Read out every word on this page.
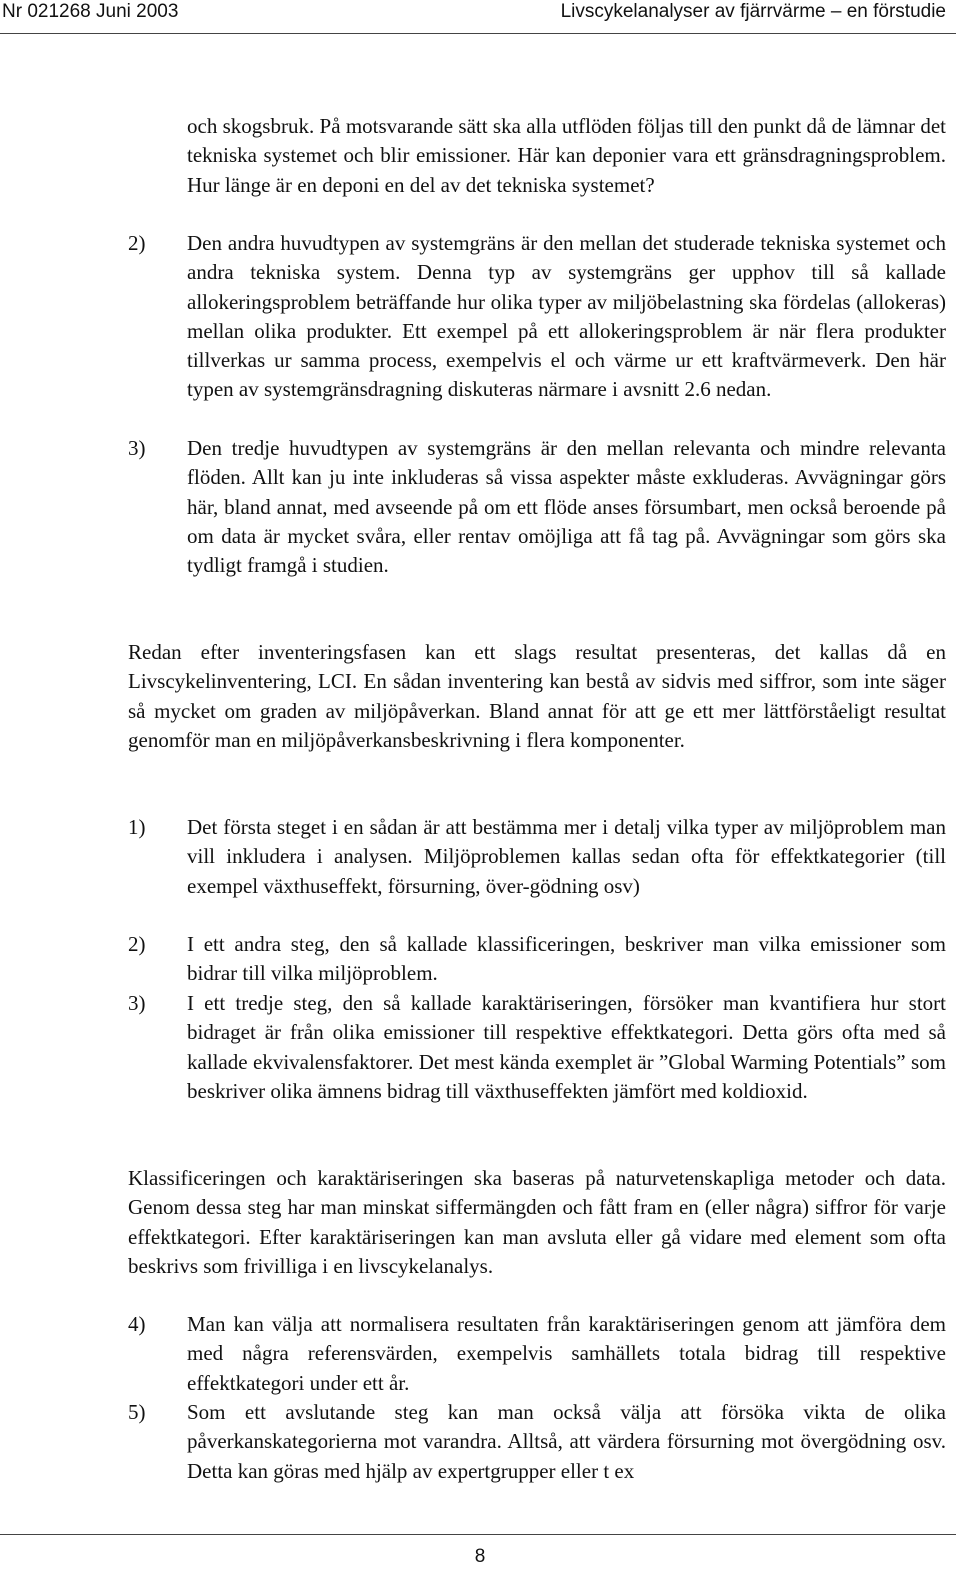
Nr 021268 Juni 2003	Livscykelanalyser av fjärrvärme – en förstudie
och skogsbruk. På motsvarande sätt ska alla utflöden följas till den punkt då de lämnar det tekniska systemet och blir emissioner. Här kan deponier vara ett gränsdragningsproblem. Hur länge är en deponi en del av det tekniska systemet?
2) Den andra huvudtypen av systemgräns är den mellan det studerade tekniska systemet och andra tekniska system. Denna typ av systemgräns ger upphov till så kallade allokeringsproblem beträffande hur olika typer av miljöbelastning ska fördelas (allokeras) mellan olika produkter. Ett exempel på ett allokeringsproblem är när flera produkter tillverkas ur samma process, exempelvis el och värme ur ett kraftvärmeverk. Den här typen av systemgränsdragning diskuteras närmare i avsnitt 2.6 nedan.
3) Den tredje huvudtypen av systemgräns är den mellan relevanta och mindre relevanta flöden. Allt kan ju inte inkluderas så vissa aspekter måste exkluderas. Avvägningar görs här, bland annat, med avseende på om ett flöde anses försumbart, men också beroende på om data är mycket svåra, eller rentav omöjliga att få tag på. Avvägningar som görs ska tydligt framgå i studien.
Redan efter inventeringsfasen kan ett slags resultat presenteras, det kallas då en Livscykelinventering, LCI. En sådan inventering kan bestå av sidvis med siffror, som inte säger så mycket om graden av miljöpåverkan. Bland annat för att ge ett mer lättförståeligt resultat genomför man en miljöpåverkansbeskrivning i flera komponenter.
1) Det första steget i en sådan är att bestämma mer i detalj vilka typer av miljöproblem man vill inkludera i analysen. Miljöproblemen kallas sedan ofta för effektkategorier (till exempel växthuseffekt, försurning, över-gödning osv)
2) I ett andra steg, den så kallade klassificeringen, beskriver man vilka emissioner som bidrar till vilka miljöproblem.
3) I ett tredje steg, den så kallade karaktäriseringen, försöker man kvantifiera hur stort bidraget är från olika emissioner till respektive effektkategori. Detta görs ofta med så kallade ekvivalensfaktorer. Det mest kända exemplet är ”Global Warming Potentials” som beskriver olika ämnens bidrag till växthuseffekten jämfört med koldioxid.
Klassificeringen och karaktäriseringen ska baseras på naturvetenskapliga metoder och data. Genom dessa steg har man minskat siffermängden och fått fram en (eller några) siffror för varje effektkategori. Efter karaktäriseringen kan man avsluta eller gå vidare med element som ofta beskrivs som frivilliga i en livscykelanalys.
4) Man kan välja att normalisera resultaten från karaktäriseringen genom att jämföra dem med några referensvärden, exempelvis samhällets totala bidrag till respektive effektkategori under ett år.
5) Som ett avslutande steg kan man också välja att försöka vikta de olika påverkanskategorierna mot varandra. Alltså, att värdera försurning mot övergödning osv. Detta kan göras med hjälp av expertgrupper eller t ex
8
